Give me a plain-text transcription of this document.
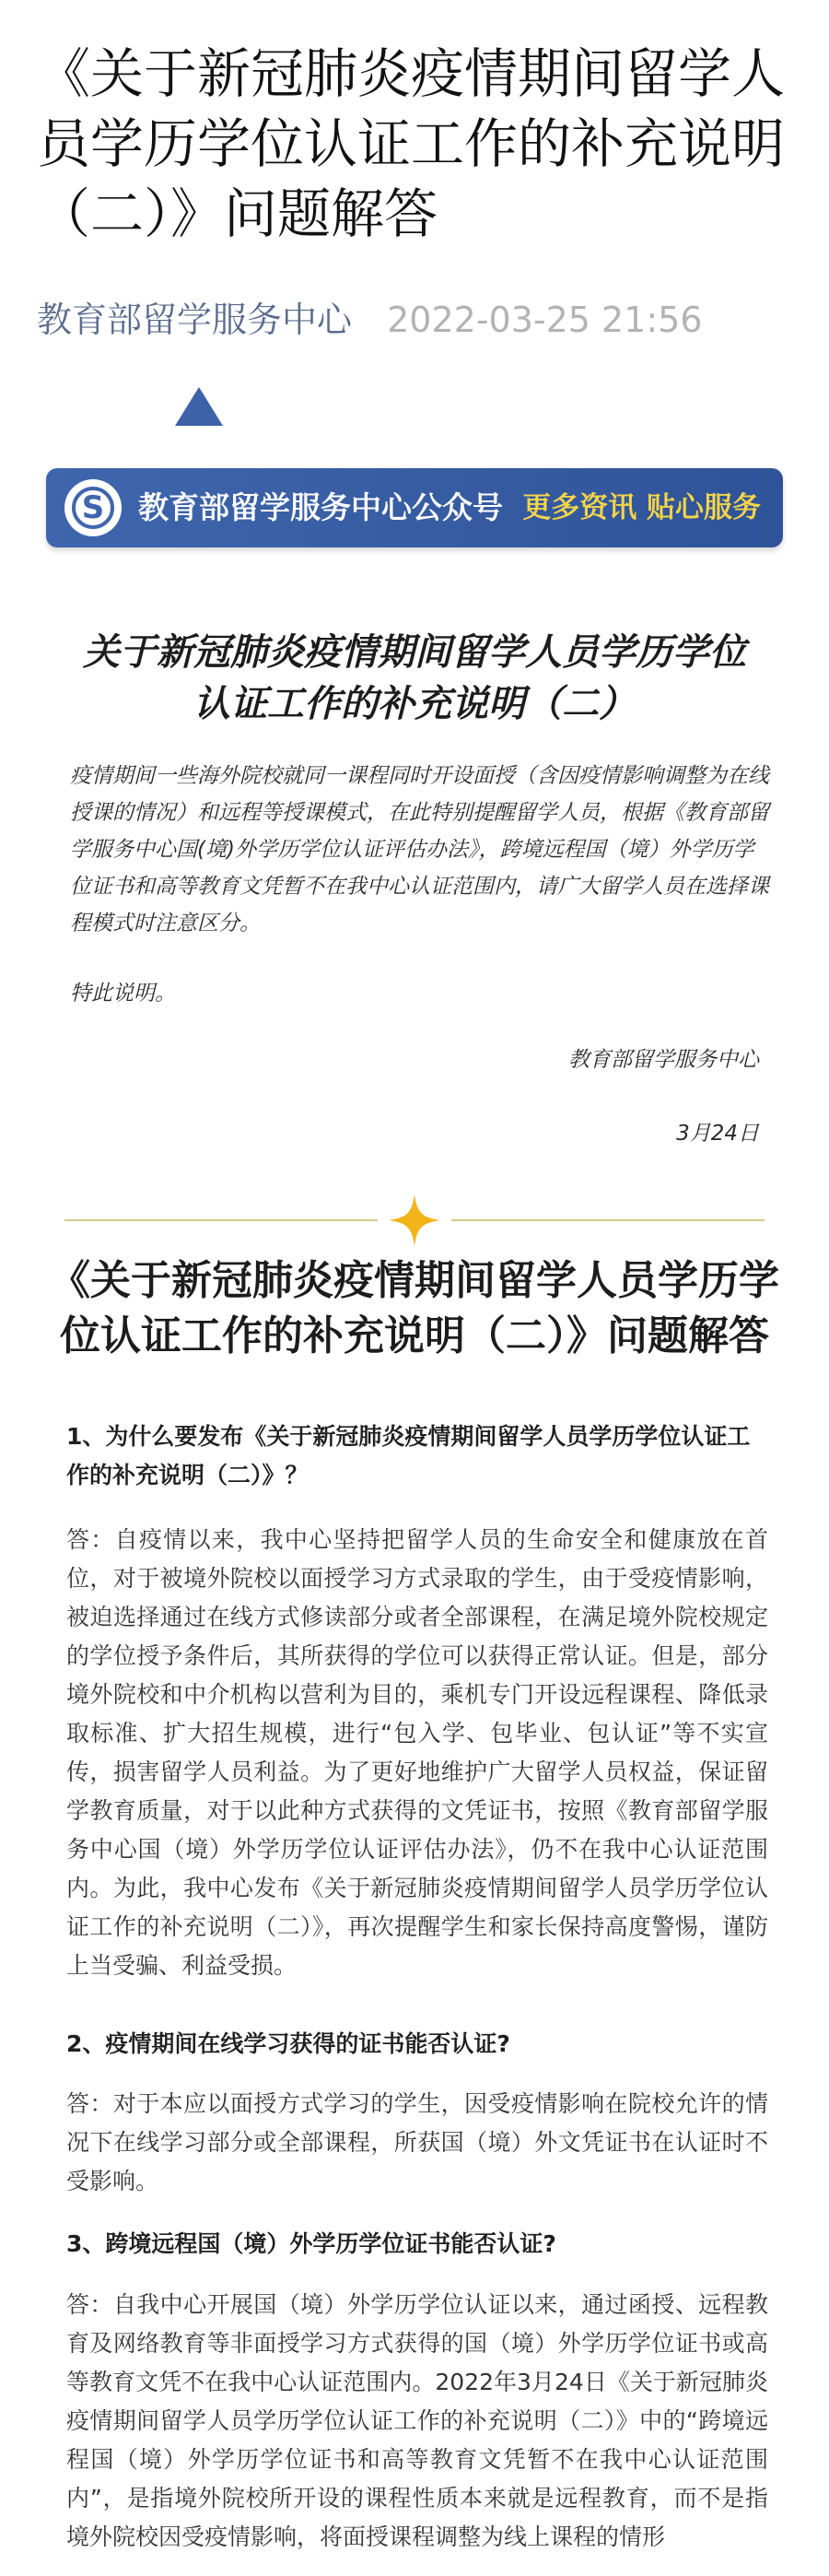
《关于新冠肺炎疫情期间留学人员学历学位认证工作的补充说明（二）》问题解答
教育部留学服务中心 2022-03-25 21:56
S	教育部留学服务中心公众号 更多资讯 贴心服务
关于新冠肺炎疫情期间留学人员学历学位
认证工作的补充说明（二）

疫情期间一些海外院校就同一课程同时开设面授（含因疫情影响调整为在线授课的情况）和远程等授课模式，在此特别提醒留学人员，根据《教育部留学服务中心国(境)外学历学位认证评估办法》，跨境远程国（境）外学历学位证书和高等教育文凭暂不在我中心认证范围内，请广大留学人员在选择课程模式时注意区分。

特此说明。

教育部留学服务中心

3月24日

《关于新冠肺炎疫情期间留学人员学历学
位认证工作的补充说明（二）》问题解答

1、为什么要发布《关于新冠肺炎疫情期间留学人员学历学位认证工作的补充说明（二）》？

答：自疫情以来，我中心坚持把留学人员的生命安全和健康放在首位，对于被境外院校以面授学习方式录取的学生，由于受疫情影响，被迫选择通过在线方式修读部分或者全部课程，在满足境外院校规定的学位授予条件后，其所获得的学位可以获得正常认证。但是，部分境外院校和中介机构以营利为目的，乘机专门开设远程课程、降低录取标准、扩大招生规模，进行“包入学、包毕业、包认证”等不实宣传，损害留学人员利益。为了更好地维护广大留学人员权益，保证留学教育质量，对于以此种方式获得的文凭证书，按照《教育部留学服务中心国（境）外学历学位认证评估办法》，仍不在我中心认证范围内。为此，我中心发布《关于新冠肺炎疫情期间留学人员学历学位认证工作的补充说明（二）》，再次提醒学生和家长保持高度警惕，谨防上当受骗、利益受损。

2、疫情期间在线学习获得的证书能否认证?

答：对于本应以面授方式学习的学生，因受疫情影响在院校允许的情况下在线学习部分或全部课程，所获国（境）外文凭证书在认证时不受影响。

3、跨境远程国（境）外学历学位证书能否认证?

答：自我中心开展国（境）外学历学位认证以来，通过函授、远程教育及网络教育等非面授学习方式获得的国（境）外学历学位证书或高等教育文凭不在我中心认证范围内。2022年3月24日《关于新冠肺炎疫情期间留学人员学历学位认证工作的补充说明（二）》中的“跨境远程国（境）外学历学位证书和高等教育文凭暂不在我中心认证范围内”，是指境外院校所开设的课程性质本来就是远程教育，而不是指境外院校因受疫情影响，将面授课程调整为线上课程的情形
